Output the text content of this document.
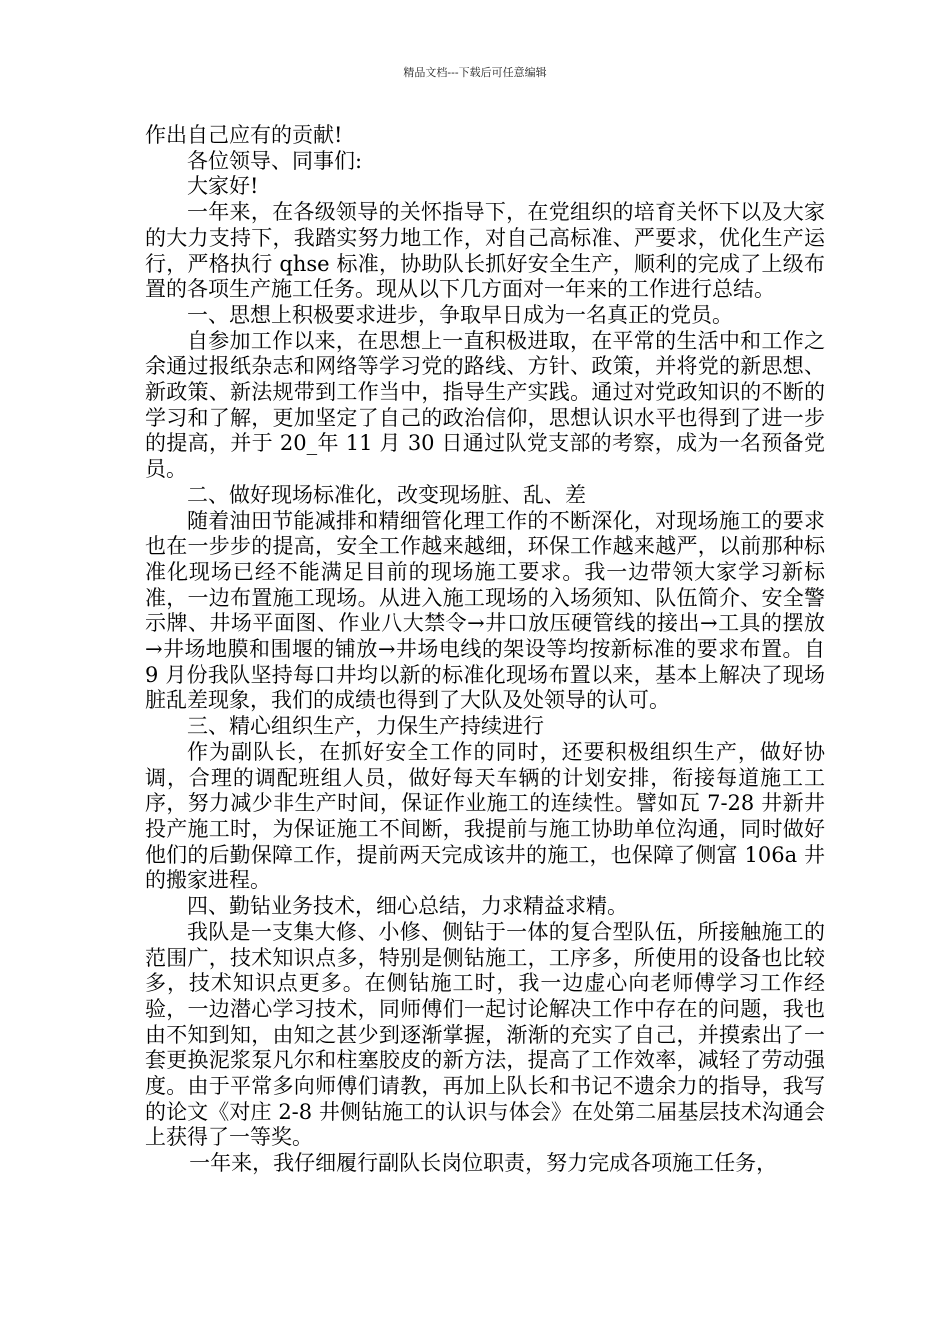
精品文档---下载后可任意编辑

作出自己应有的贡献!

各位领导、同事们:

大家好!

一年来，在各级领导的关怀指导下，在党组织的培育关怀下以及大家的大力支持下，我踏实努力地工作，对自己高标准、严要求，优化生产运行，严格执行 qhse 标准，协助队长抓好安全生产，顺利的完成了上级布置的各项生产施工任务。现从以下几方面对一年来的工作进行总结。

一、思想上积极要求进步，争取早日成为一名真正的党员。

自参加工作以来，在思想上一直积极进取，在平常的生活中和工作之余通过报纸杂志和网络等学习党的路线、方针、政策，并将党的新思想、新政策、新法规带到工作当中，指导生产实践。通过对党政知识的不断的学习和了解，更加坚定了自己的政治信仰，思想认识水平也得到了进一步的提高，并于 20_年 11 月 30 日通过队党支部的考察，成为一名预备党员。

二、做好现场标准化，改变现场脏、乱、差

随着油田节能减排和精细管化理工作的不断深化，对现场施工的要求也在一步步的提高，安全工作越来越细，环保工作越来越严，以前那种标准化现场已经不能满足目前的现场施工要求。我一边带领大家学习新标准，一边布置施工现场。从进入施工现场的入场须知、队伍简介、安全警示牌、井场平面图、作业八大禁令→井口放压硬管线的接出→工具的摆放→井场地膜和围堰的铺放→井场电线的架设等均按新标准的要求布置。自 9 月份我队坚持每口井均以新的标准化现场布置以来，基本上解决了现场脏乱差现象，我们的成绩也得到了大队及处领导的认可。

三、精心组织生产，力保生产持续进行

作为副队长，在抓好安全工作的同时，还要积极组织生产，做好协调，合理的调配班组人员，做好每天车辆的计划安排，衔接每道施工工序，努力减少非生产时间，保证作业施工的连续性。譬如瓦 7-28 井新井投产施工时，为保证施工不间断，我提前与施工协助单位沟通，同时做好他们的后勤保障工作，提前两天完成该井的施工，也保障了侧富 106a 井的搬家进程。

四、勤钻业务技术，细心总结，力求精益求精。

我队是一支集大修、小修、侧钻于一体的复合型队伍，所接触施工的范围广，技术知识点多，特别是侧钻施工，工序多，所使用的设备也比较多，技术知识点更多。在侧钻施工时，我一边虚心向老师傅学习工作经验，一边潜心学习技术，同师傅们一起讨论解决工作中存在的问题，我也由不知到知，由知之甚少到逐渐掌握，渐渐的充实了自己，并摸索出了一套更换泥浆泵凡尔和柱塞胶皮的新方法，提高了工作效率，减轻了劳动强度。由于平常多向师傅们请教，再加上队长和书记不遗余力的指导，我写的论文《对庄 2-8 井侧钻施工的认识与体会》在处第二届基层技术沟通会上获得了一等奖。

一年来，我仔细履行副队长岗位职责，努力完成各项施工任务，
